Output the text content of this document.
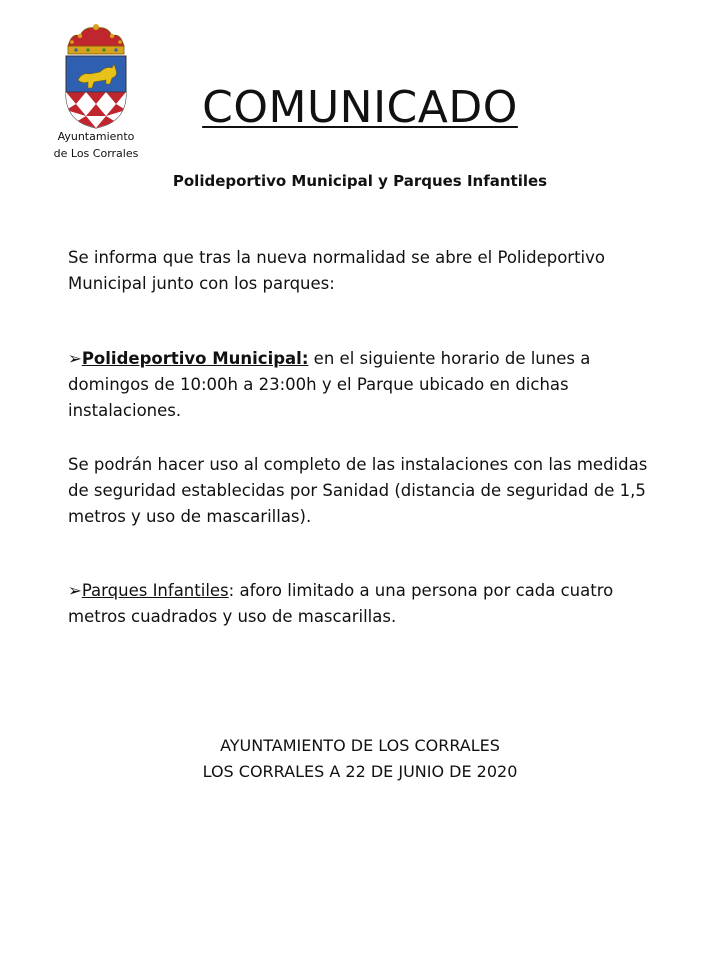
Ayuntamiento
de Los Corrales
COMUNICADO
Polideportivo Municipal y Parques Infantiles
Se informa que tras la nueva normalidad se abre el Polideportivo Municipal junto con los parques:
➢Polideportivo Municipal: en el siguiente horario de lunes a domingos de 10:00h a 23:00h y el Parque ubicado en dichas instalaciones.
Se podrán hacer uso al completo de las instalaciones con las medidas de seguridad establecidas por Sanidad (distancia de seguridad de 1,5 metros y uso de mascarillas).
➢Parques Infantiles: aforo limitado a una persona por cada cuatro metros cuadrados y uso de mascarillas.
AYUNTAMIENTO DE LOS CORRALES
LOS CORRALES A 22 DE JUNIO DE 2020
